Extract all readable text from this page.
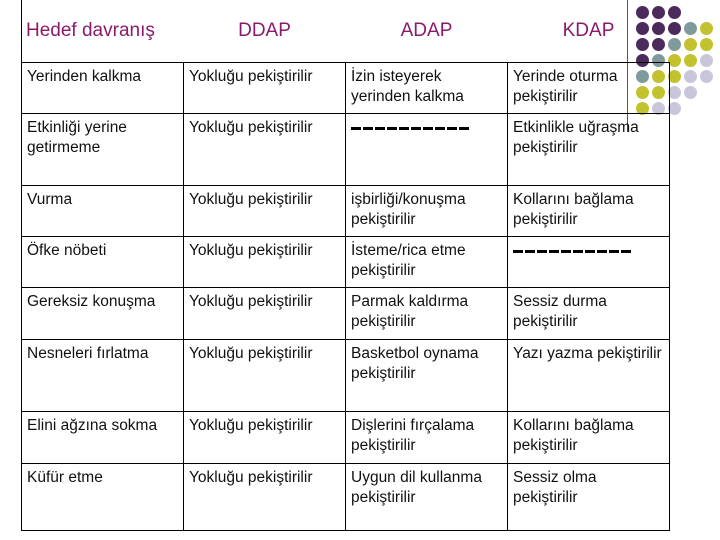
Hedef davranış	DDAP	ADAP	KDAP
Yerinden kalkma	Yokluğu pekiştirilir	İzin isteyerek yerinden kalkma	Yerinde oturma pekiştirilir
Etkinliği yerine getirmeme	Yokluğu pekiştirilir		Etkinlikle uğraşma pekiştirilir
Vurma	Yokluğu pekiştirilir	işbirliği/konuşma pekiştirilir	Kollarını bağlama pekiştirilir
Öfke nöbeti	Yokluğu pekiştirilir	İsteme/rica etme pekiştirilir	

Gereksiz konuşma	Yokluğu pekiştirilir	Parmak kaldırma pekiştirilir	Sessiz durma pekiştirilir
Nesneleri fırlatma	Yokluğu pekiştirilir	Basketbol oynama pekiştirilir	Yazı yazma pekiştirilir
Elini ağzına sokma	Yokluğu pekiştirilir	Dişlerini fırçalama pekiştirilir	Kollarını bağlama pekiştirilir
Küfür etme	Yokluğu pekiştirilir	Uygun dil kullanma pekiştirilir	Sessiz olma pekiştirilir
